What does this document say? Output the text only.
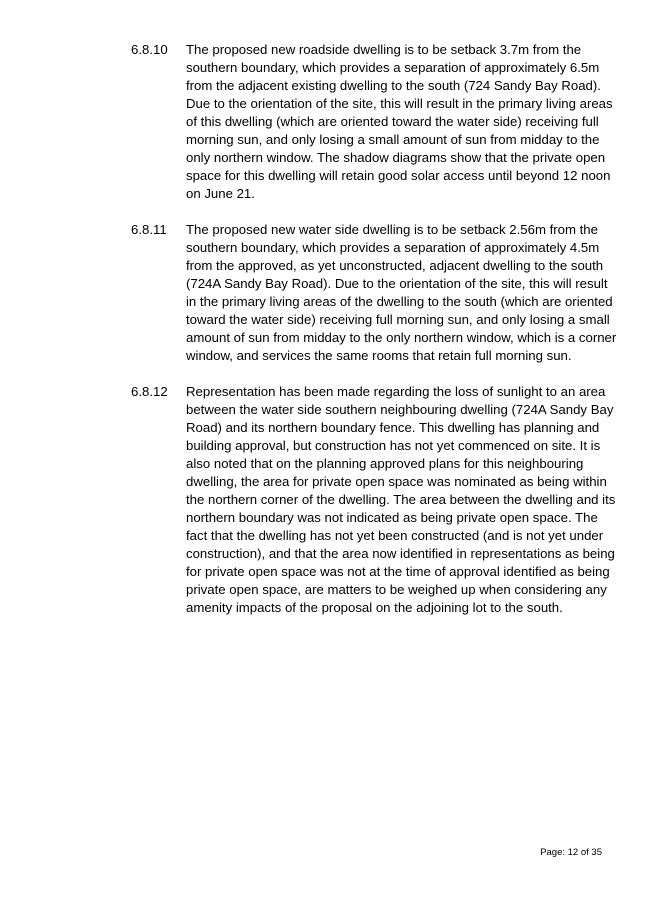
6.8.10 The proposed new roadside dwelling is to be setback 3.7m from the
southern boundary, which provides a separation of approximately 6.5m
from the adjacent existing dwelling to the south (724 Sandy Bay Road).
Due to the orientation of the site, this will result in the primary living areas
of this dwelling (which are oriented toward the water side) receiving full
morning sun, and only losing a small amount of sun from midday to the
only northern window. The shadow diagrams show that the private open
space for this dwelling will retain good solar access until beyond 12 noon
on June 21.
6.8.11 The proposed new water side dwelling is to be setback 2.56m from the
southern boundary, which provides a separation of approximately 4.5m
from the approved, as yet unconstructed, adjacent dwelling to the south
(724A Sandy Bay Road). Due to the orientation of the site, this will result
in the primary living areas of the dwelling to the south (which are oriented
toward the water side) receiving full morning sun, and only losing a small
amount of sun from midday to the only northern window, which is a corner
window, and services the same rooms that retain full morning sun.
6.8.12 Representation has been made regarding the loss of sunlight to an area
between the water side southern neighbouring dwelling (724A Sandy Bay
Road) and its northern boundary fence. This dwelling has planning and
building approval, but construction has not yet commenced on site. It is
also noted that on the planning approved plans for this neighbouring
dwelling, the area for private open space was nominated as being within
the northern corner of the dwelling. The area between the dwelling and its
northern boundary was not indicated as being private open space. The
fact that the dwelling has not yet been constructed (and is not yet under
construction), and that the area now identified in representations as being
for private open space was not at the time of approval identified as being
private open space, are matters to be weighed up when considering any
amenity impacts of the proposal on the adjoining lot to the south.
Page: 12 of 35
